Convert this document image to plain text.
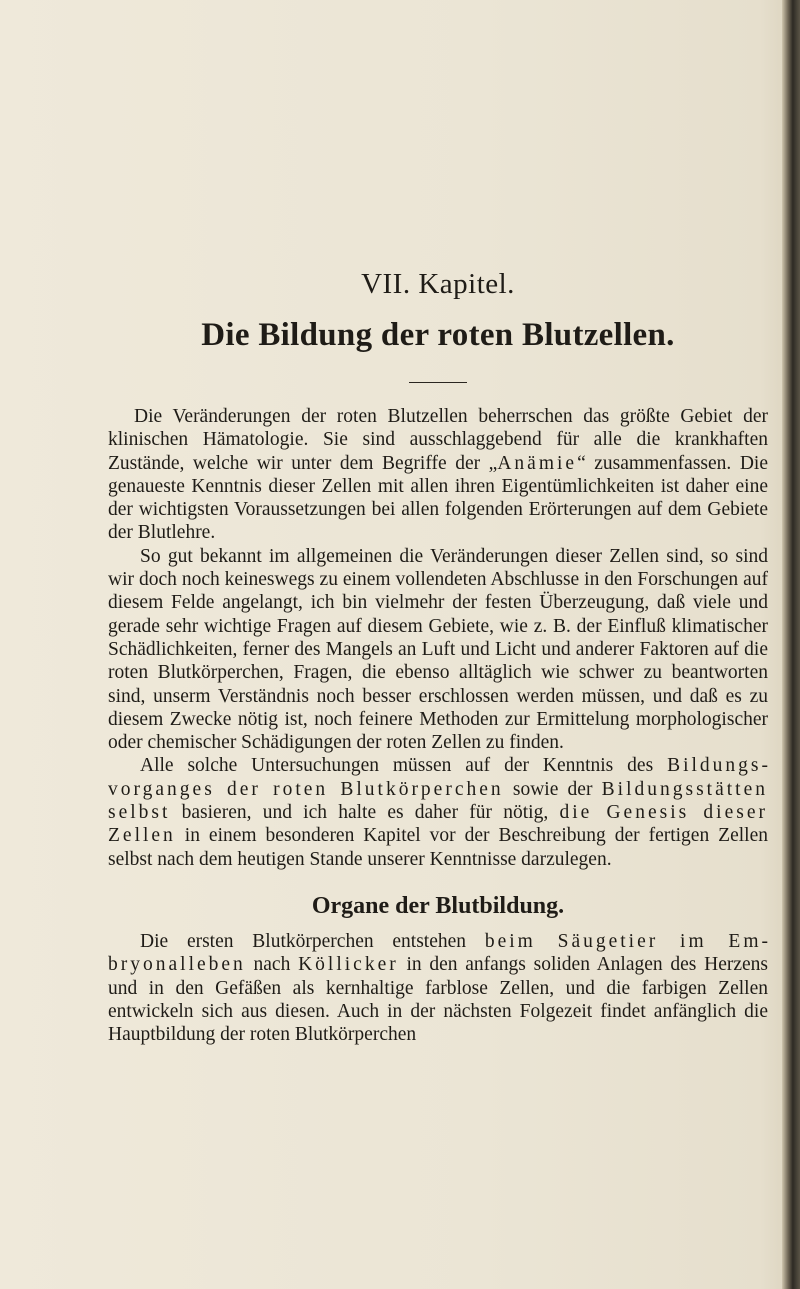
VII. Kapitel.
Die Bildung der roten Blutzellen.

Die Veränderungen der roten Blutzellen beherrschen das größte Gebiet der klinischen Hämatologie. Sie sind ausschlaggebend für alle die krankhaften Zustände, welche wir unter dem Begriffe der „Anämie“ zusammenfassen. Die genaueste Kenntnis dieser Zellen mit allen ihren Eigentümlichkeiten ist daher eine der wichtigsten Voraussetzungen bei allen folgenden Erörterungen auf dem Gebiete der Blutlehre.

So gut bekannt im allgemeinen die Veränderungen dieser Zellen sind, so sind wir doch noch keineswegs zu einem vollendeten Abschlusse in den Forschungen auf diesem Felde angelangt, ich bin vielmehr der festen Überzeugung, daß viele und gerade sehr wichtige Fragen auf diesem Gebiete, wie z. B. der Einfluß klimatischer Schädlichkeiten, ferner des Mangels an Luft und Licht und anderer Faktoren auf die roten Blutkörperchen, Fragen, die ebenso alltäglich wie schwer zu beantworten sind, unserm Verständnis noch besser erschlossen werden müssen, und daß es zu diesem Zwecke nötig ist, noch feinere Methoden zur Ermittelung morphologischer oder chemischer Schädigungen der roten Zellen zu finden.

Alle solche Untersuchungen müssen auf der Kenntnis des Bildungsvorganges der roten Blutkörperchen sowie der Bildungsstätten selbst basieren, und ich halte es daher für nötig, die Genesis dieser Zellen in einem besonderen Kapitel vor der Beschreibung der fertigen Zellen selbst nach dem heutigen Stande unserer Kenntnisse darzulegen.

Organe der Blutbildung.

Die ersten Blutkörperchen entstehen beim Säugetier im Embryonalleben nach Köllicker in den anfangs soliden Anlagen des Herzens und in den Gefäßen als kernhaltige farblose Zellen, und die farbigen Zellen entwickeln sich aus diesen. Auch in der nächsten Folgezeit findet anfänglich die Hauptbildung der roten Blutkörperchen
